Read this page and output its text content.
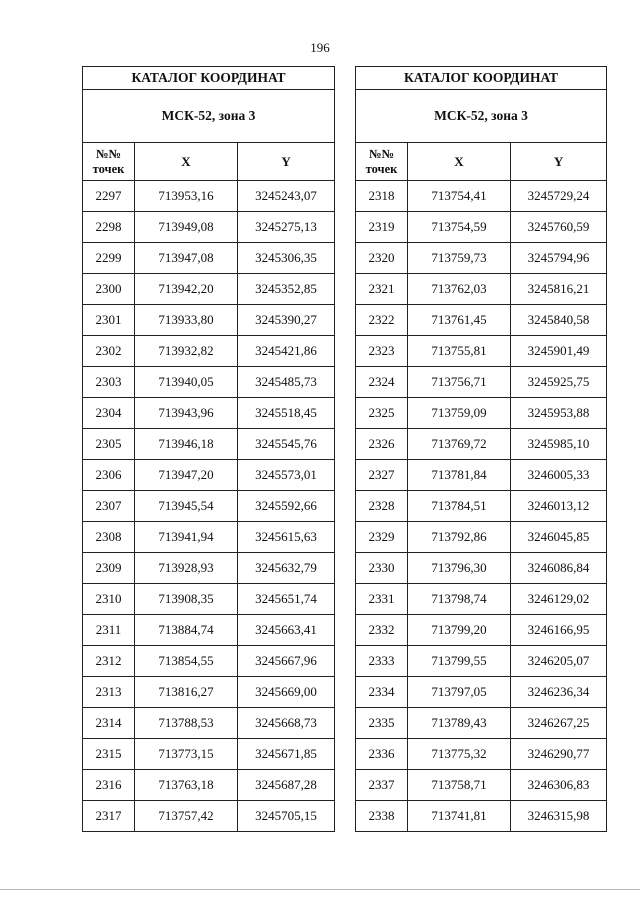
196
КАТАЛОГ КООРДИНАТ		
МСК-52, зона 3		
№№ точек	X	Y
2297	713953,16	3245243,07
2298	713949,08	3245275,13
2299	713947,08	3245306,35
2300	713942,20	3245352,85
2301	713933,80	3245390,27
2302	713932,82	3245421,86
2303	713940,05	3245485,73
2304	713943,96	3245518,45
2305	713946,18	3245545,76
2306	713947,20	3245573,01
2307	713945,54	3245592,66
2308	713941,94	3245615,63
2309	713928,93	3245632,79
2310	713908,35	3245651,74
2311	713884,74	3245663,41
2312	713854,55	3245667,96
2313	713816,27	3245669,00
2314	713788,53	3245668,73
2315	713773,15	3245671,85
2316	713763,18	3245687,28
2317	713757,42	3245705,15
КАТАЛОГ КООРДИНАТ		
МСК-52, зона 3		
№№ точек	X	Y
2318	713754,41	3245729,24
2319	713754,59	3245760,59
2320	713759,73	3245794,96
2321	713762,03	3245816,21
2322	713761,45	3245840,58
2323	713755,81	3245901,49
2324	713756,71	3245925,75
2325	713759,09	3245953,88
2326	713769,72	3245985,10
2327	713781,84	3246005,33
2328	713784,51	3246013,12
2329	713792,86	3246045,85
2330	713796,30	3246086,84
2331	713798,74	3246129,02
2332	713799,20	3246166,95
2333	713799,55	3246205,07
2334	713797,05	3246236,34
2335	713789,43	3246267,25
2336	713775,32	3246290,77
2337	713758,71	3246306,83
2338	713741,81	3246315,98
